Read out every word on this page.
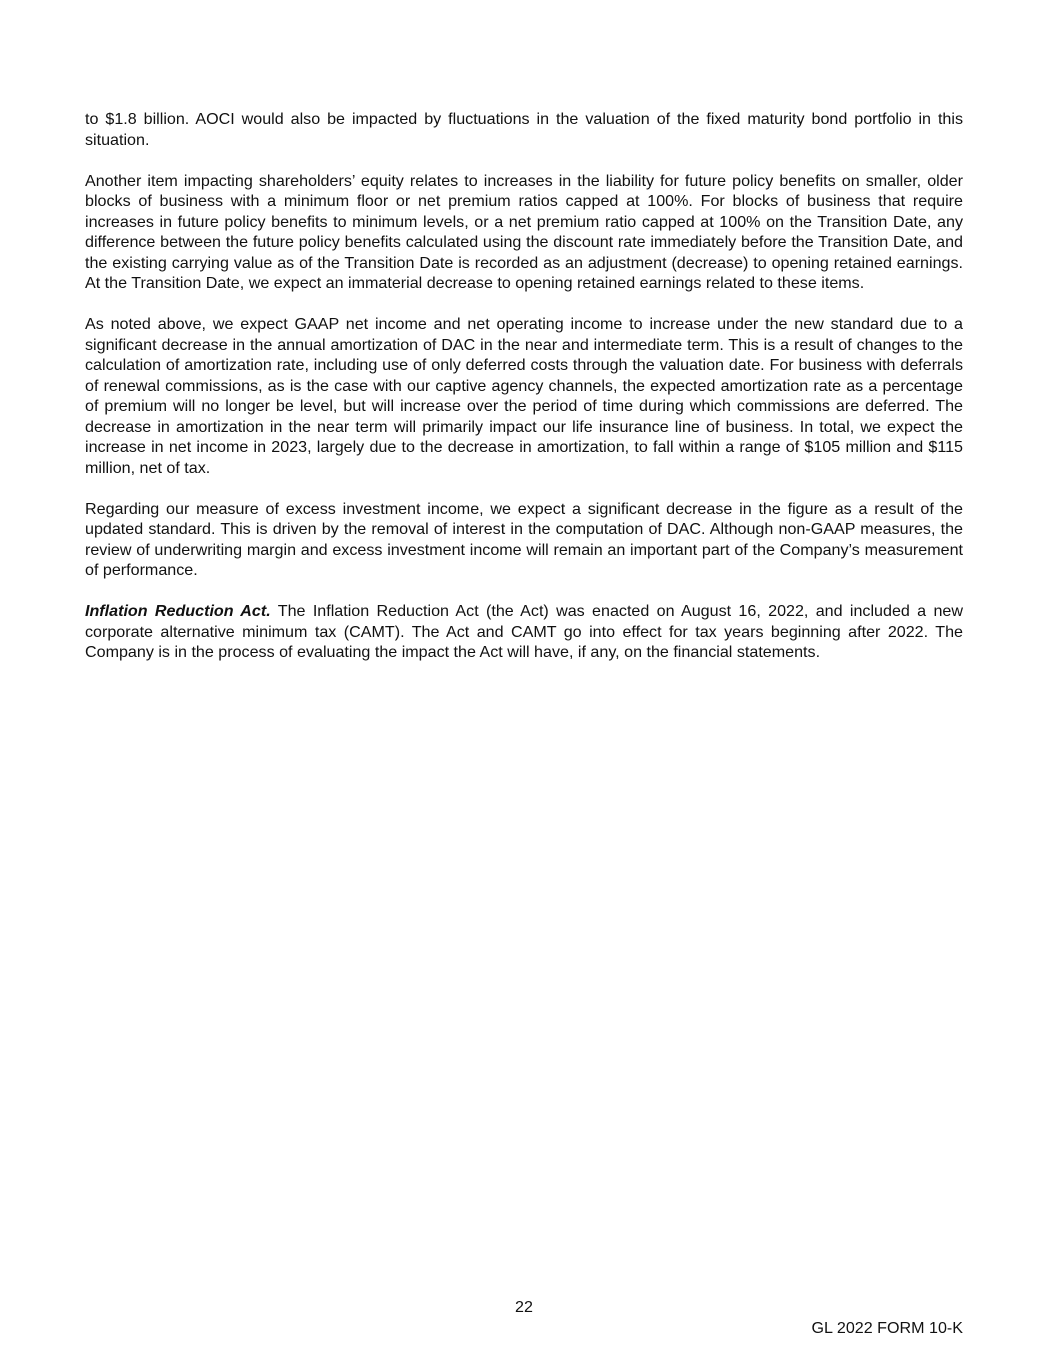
to $1.8 billion. AOCI would also be impacted by fluctuations in the valuation of the fixed maturity bond portfolio in this situation.

Another item impacting shareholders’ equity relates to increases in the liability for future policy benefits on smaller, older blocks of business with a minimum floor or net premium ratios capped at 100%. For blocks of business that require increases in future policy benefits to minimum levels, or a net premium ratio capped at 100% on the Transition Date, any difference between the future policy benefits calculated using the discount rate immediately before the Transition Date, and the existing carrying value as of the Transition Date is recorded as an adjustment (decrease) to opening retained earnings. At the Transition Date, we expect an immaterial decrease to opening retained earnings related to these items.

As noted above, we expect GAAP net income and net operating income to increase under the new standard due to a significant decrease in the annual amortization of DAC in the near and intermediate term. This is a result of changes to the calculation of amortization rate, including use of only deferred costs through the valuation date. For business with deferrals of renewal commissions, as is the case with our captive agency channels, the expected amortization rate as a percentage of premium will no longer be level, but will increase over the period of time during which commissions are deferred. The decrease in amortization in the near term will primarily impact our life insurance line of business. In total, we expect the increase in net income in 2023, largely due to the decrease in amortization, to fall within a range of $105 million and $115 million, net of tax.

Regarding our measure of excess investment income, we expect a significant decrease in the figure as a result of the updated standard. This is driven by the removal of interest in the computation of DAC. Although non-GAAP measures, the review of underwriting margin and excess investment income will remain an important part of the Company’s measurement of performance.

Inflation Reduction Act. The Inflation Reduction Act (the Act) was enacted on August 16, 2022, and included a new corporate alternative minimum tax (CAMT). The Act and CAMT go into effect for tax years beginning after 2022. The Company is in the process of evaluating the impact the Act will have, if any, on the financial statements.

22
GL 2022 FORM 10-K
